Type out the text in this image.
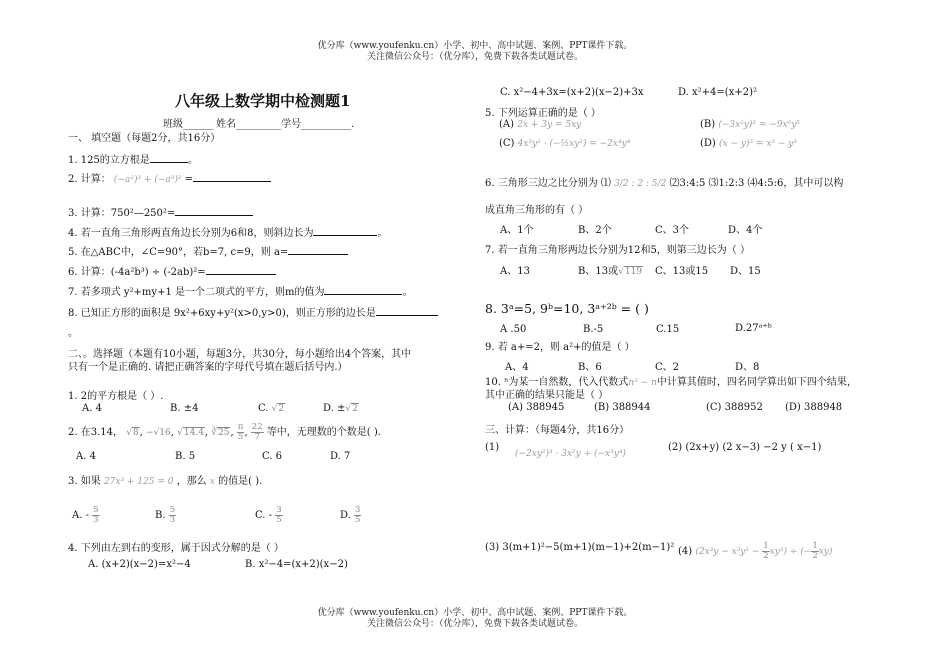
优分库（www.youfenku.cn）小学、初中、高中试题、案例、PPT课件下载。
关注微信公众号：（优分库），免费下载各类试题试卷。
八年级上数学期中检测题1
班级______ 姓名_________学号__________.
一、 填空题（每题2分，共16分）
1. 125的立方根是	。
2. 计算： (−a²)³ + (−a³)² =
3. 计算：750²—250²=
4. 若一直角三角形两直角边长分别为6和8，则斜边长为	。
5. 在△ABC中，∠C=90°，若b=7, c=9，则 a=
6. 计算：(-4a²b³) ÷ (-2ab)²=
7. 若多项式 y²+my+1 是一个二项式的平方，则m的值为	。
8. 已知正方形的面积是 9x²+6xy+y²(x>0,y>0)，则正方形的边长是
。
二、。选择题（本题有10小题，每题3分，共30分，每小题给出4个答案，其中
只有一个是正确的. 请把正确答案的字母代号填在题后括号内.）
1. 2的平方根是（ ）.
A. 4	B. ±4	C. √2	D. ±√2
2. 在3.14， √8, −√16, √14.4, ∛25, $\frac{\pi}{5}$ , $\frac{22}{7}$ 等中，无理数的个数是( ).
A. 4	B. 5	C. 6	D. 7
3. 如果 27x³ + 125 = 0 ，那么 x 的值是( ).
A. - $\frac{5}{3}$	B. $\frac{5}{3}$	C. - $\frac{3}{5}$	D. $\frac{3}{5}$
4. 下列由左到右的变形，属于因式分解的是（ ）
A. (x+2)(x−2)=x²−4	B. x²−4=(x+2)(x−2)
C. x²−4+3x=(x+2)(x−2)+3x	D. x²+4=(x+2)²
5. 下列运算正确的是（ ）
(A) 2x + 3y = 5xy	(B) (−3x²y)³ = −9x⁶y³
(C) 4x³y² · (−½xy²) = −2x⁴y⁴	(D) (x − y)³ = x³ − y³
6. 三角形三边之比分别为 ⑴ 3/2 : 2 : 5/2 ⑵3:4:5 ⑶1:2:3 ⑷4:5:6，其中可以构
成直角三角形的有（ ）
A、1个	B、2个	C、3个	D、4个
7. 若一直角三角形两边长分别为12和5，则第三边长为（ ）
A、13	B、13或√119 C、13或15 D、15
8. 3ᵃ=5, 9ᵇ=10, 3ᵃ⁺²ᵇ = ( )
A .50	B.-5	C.15	D.27ᵃ⁺ᵇ
9. 若 a+=2，则 a²+的值是（ ）
A、4	B、6	C、2	D、8
10. ⁿ为某一自然数，代入代数式n³ − n中计算其值时，四名同学算出如下四个结果，
其中正确的结果只能是（ ）
(A) 388945	(B) 388944	(C) 388952 (D) 388948
三、计算：（每题4分，共16分）
(1)
(−2xy²)³ · 3x²y ÷ (−x³y⁴)
(2) (2x+y) (2 x−3) −2 y ( x−1)
(3) 3(m+1)²−5(m+1)(m−1)+2(m−1)² (4) $(2x^3y - x^3y^2 - \frac{1}{2} xy^3)$ ÷ (− $\frac{1}{2} xy$)
优分库（www.youfenku.cn）小学、初中、高中试题、案例、PPT课件下载。
关注微信公众号：（优分库），免费下载各类试题试卷。
